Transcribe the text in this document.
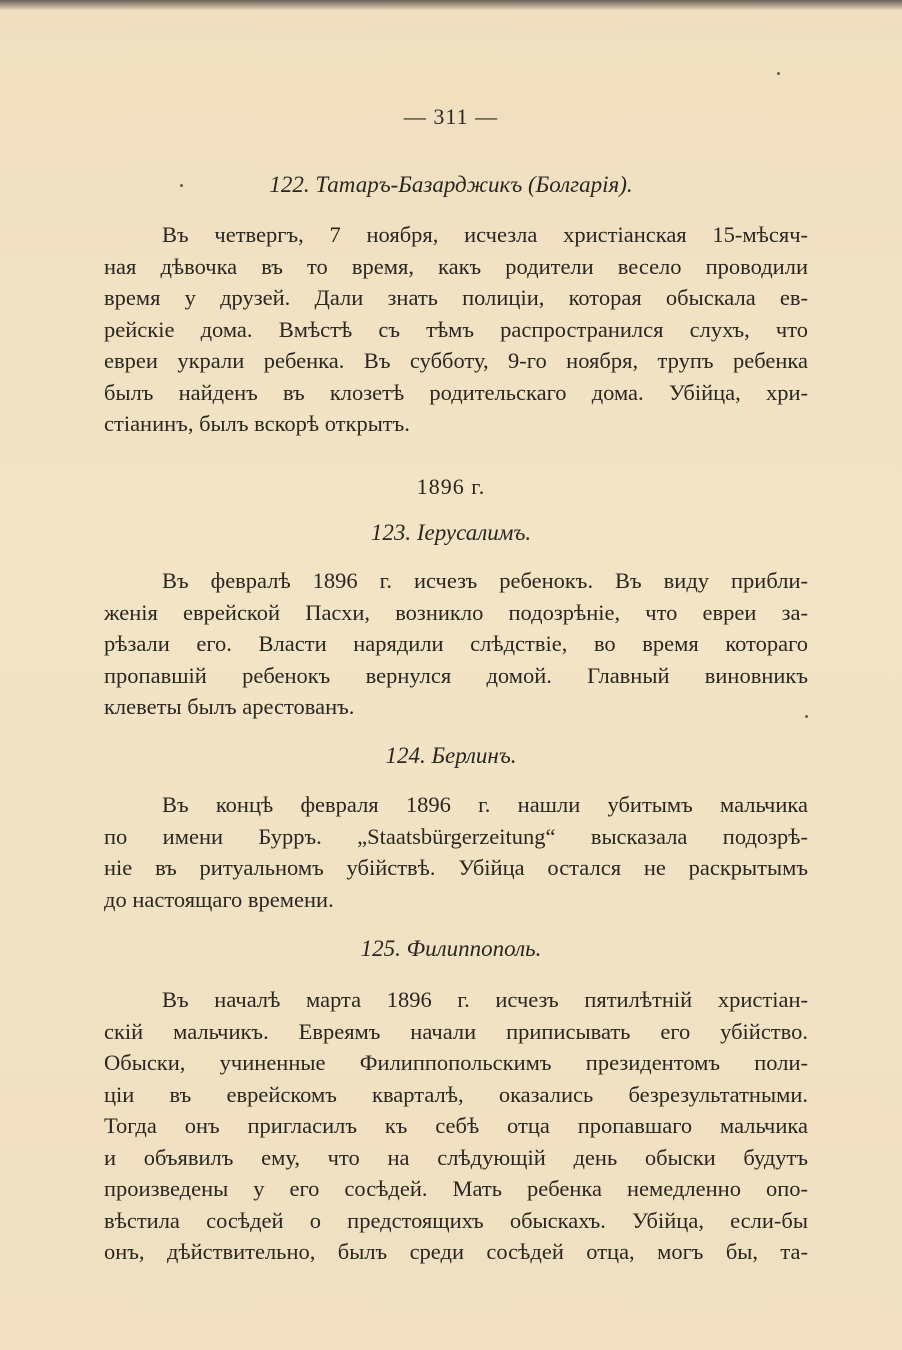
— 311 —
122. Татаръ-Базарджикъ (Болгарія).
Въ четвергъ, 7 ноября, исчезла христіанская 15-мѣсяч-
ная дѣвочка въ то время, какъ родители весело проводили
время у друзей. Дали знать полиціи, которая обыскала ев-
рейскіе дома. Вмѣстѣ съ тѣмъ распространился слухъ, что
евреи украли ребенка. Въ субботу, 9-го ноября, трупъ ребенка
былъ найденъ въ клозетѣ родительскаго дома. Убійца, хри-
стіанинъ, былъ вскорѣ открытъ.
1896 г.
123. Іерусалимъ.
Въ февралѣ 1896 г. исчезъ ребенокъ. Въ виду прибли-
женія еврейской Пасхи, возникло подозрѣніе, что евреи за-
рѣзали его. Власти нарядили слѣдствіе, во время котораго
пропавшій ребенокъ вернулся домой. Главный виновникъ
клеветы былъ арестованъ.
124. Берлинъ.
Въ концѣ февраля 1896 г. нашли убитымъ мальчика
по имени Бурръ. „Staatsbürgerzeitung“ высказала подозрѣ-
ніе въ ритуальномъ убійствѣ. Убійца остался не раскрытымъ
до настоящаго времени.
125. Филиппополь.
Въ началѣ марта 1896 г. исчезъ пятилѣтній христіан-
скій мальчикъ. Евреямъ начали приписывать его убійство.
Обыски, учиненные Филиппопольскимъ президентомъ поли-
ціи въ еврейскомъ кварталѣ, оказались безрезультатными.
Тогда онъ пригласилъ къ себѣ отца пропавшаго мальчика
и объявилъ ему, что на слѣдующій день обыски будутъ
произведены у его сосѣдей. Мать ребенка немедленно опо-
вѣстила сосѣдей о предстоящихъ обыскахъ. Убійца, если-бы
онъ, дѣйствительно, былъ среди сосѣдей отца, могъ бы, та-
